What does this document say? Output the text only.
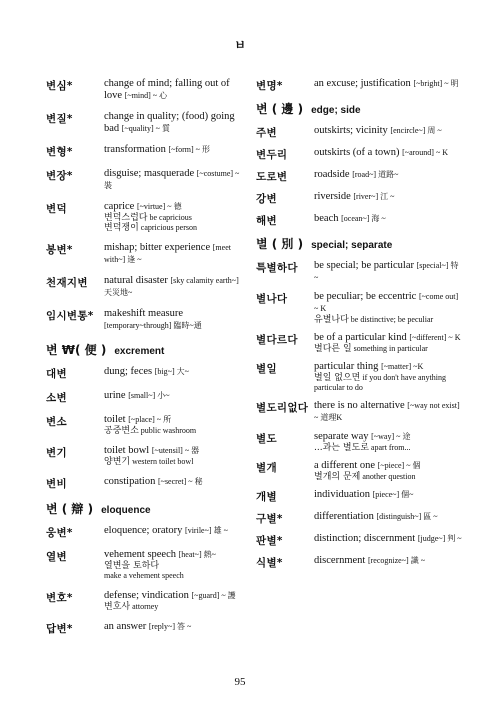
ㅂ
변심*	change of mind; falling out of love [~mind] ~ 心
변질*	change in quality; (food) going bad [~quality] ~ 質
변형*	transformation [~form] ~ 形
변장*	disguise; masquerade [~costume] ~ 裝
변덕	caprice [~virtue] ~ 德
변덕스럽다 be capricious
변덕쟁이 capricious person
봉변*	mishap; bitter experience [meet with~] 逢 ~
천재지변	natural disaster [sky calamity earth~] 天災地~
임시변통* makeshift measure [temporary~through] 臨時~通
변 ₩( 便 ) excrement
대변	dung; feces [big~] 大~
소변	urine [small~] 小~
변소	toilet [~place] ~ 所
공중변소 public washroom
변기	toilet bowl [~utensil] ~ 器
양변기 western toilet bowl
변비	constipation [~secret] ~ 秘
변 ( 辯 ) eloquence
웅변*	eloquence; oratory [virile~] 雄 ~
열변	vehement speech [heat~] 熱~
열변을 토하다
make a vehement speech
변호*	defense; vindication [~guard] ~ 護
변호사 attorney
답변*	an answer [reply~] 答 ~
변명*	an excuse; justification [~bright] ~ 明
변 ( 邊 ) edge; side
주변	outskirts; vicinity [encircle~] 周 ~
변두리	outskirts (of a town) [~around] ~ K
도로변	roadside [road~] 道路~
강변	riverside [river~] 江 ~
해변	beach [ocean~] 海 ~
별 ( 別 ) special; separate
특별하다	be special; be particular [special~] 特 ~
별나다	be peculiar; be eccentric [~come out] ~ K
유별나다 be distinctive; be peculiar
별다르다	be of a particular kind [~different] ~ K
별다른 일 something in particular
별일	particular thing [~matter] ~K
별일 없으면 if you don't have anything particular to do
별도리없다 there is no alternative [~way not exist] ~ 道理K
별도	separate way [~way] ~ 途
...과는 별도로 apart from...
별개	a different one [~piece] ~ 個
별개의 문제 another question
개별	individuation [piece~] 個~
구별*	differentiation [distinguish~] 區 ~
판별*	distinction; discernment [judge~] 判 ~
식별*	discernment [recognize~] 識 ~
95
